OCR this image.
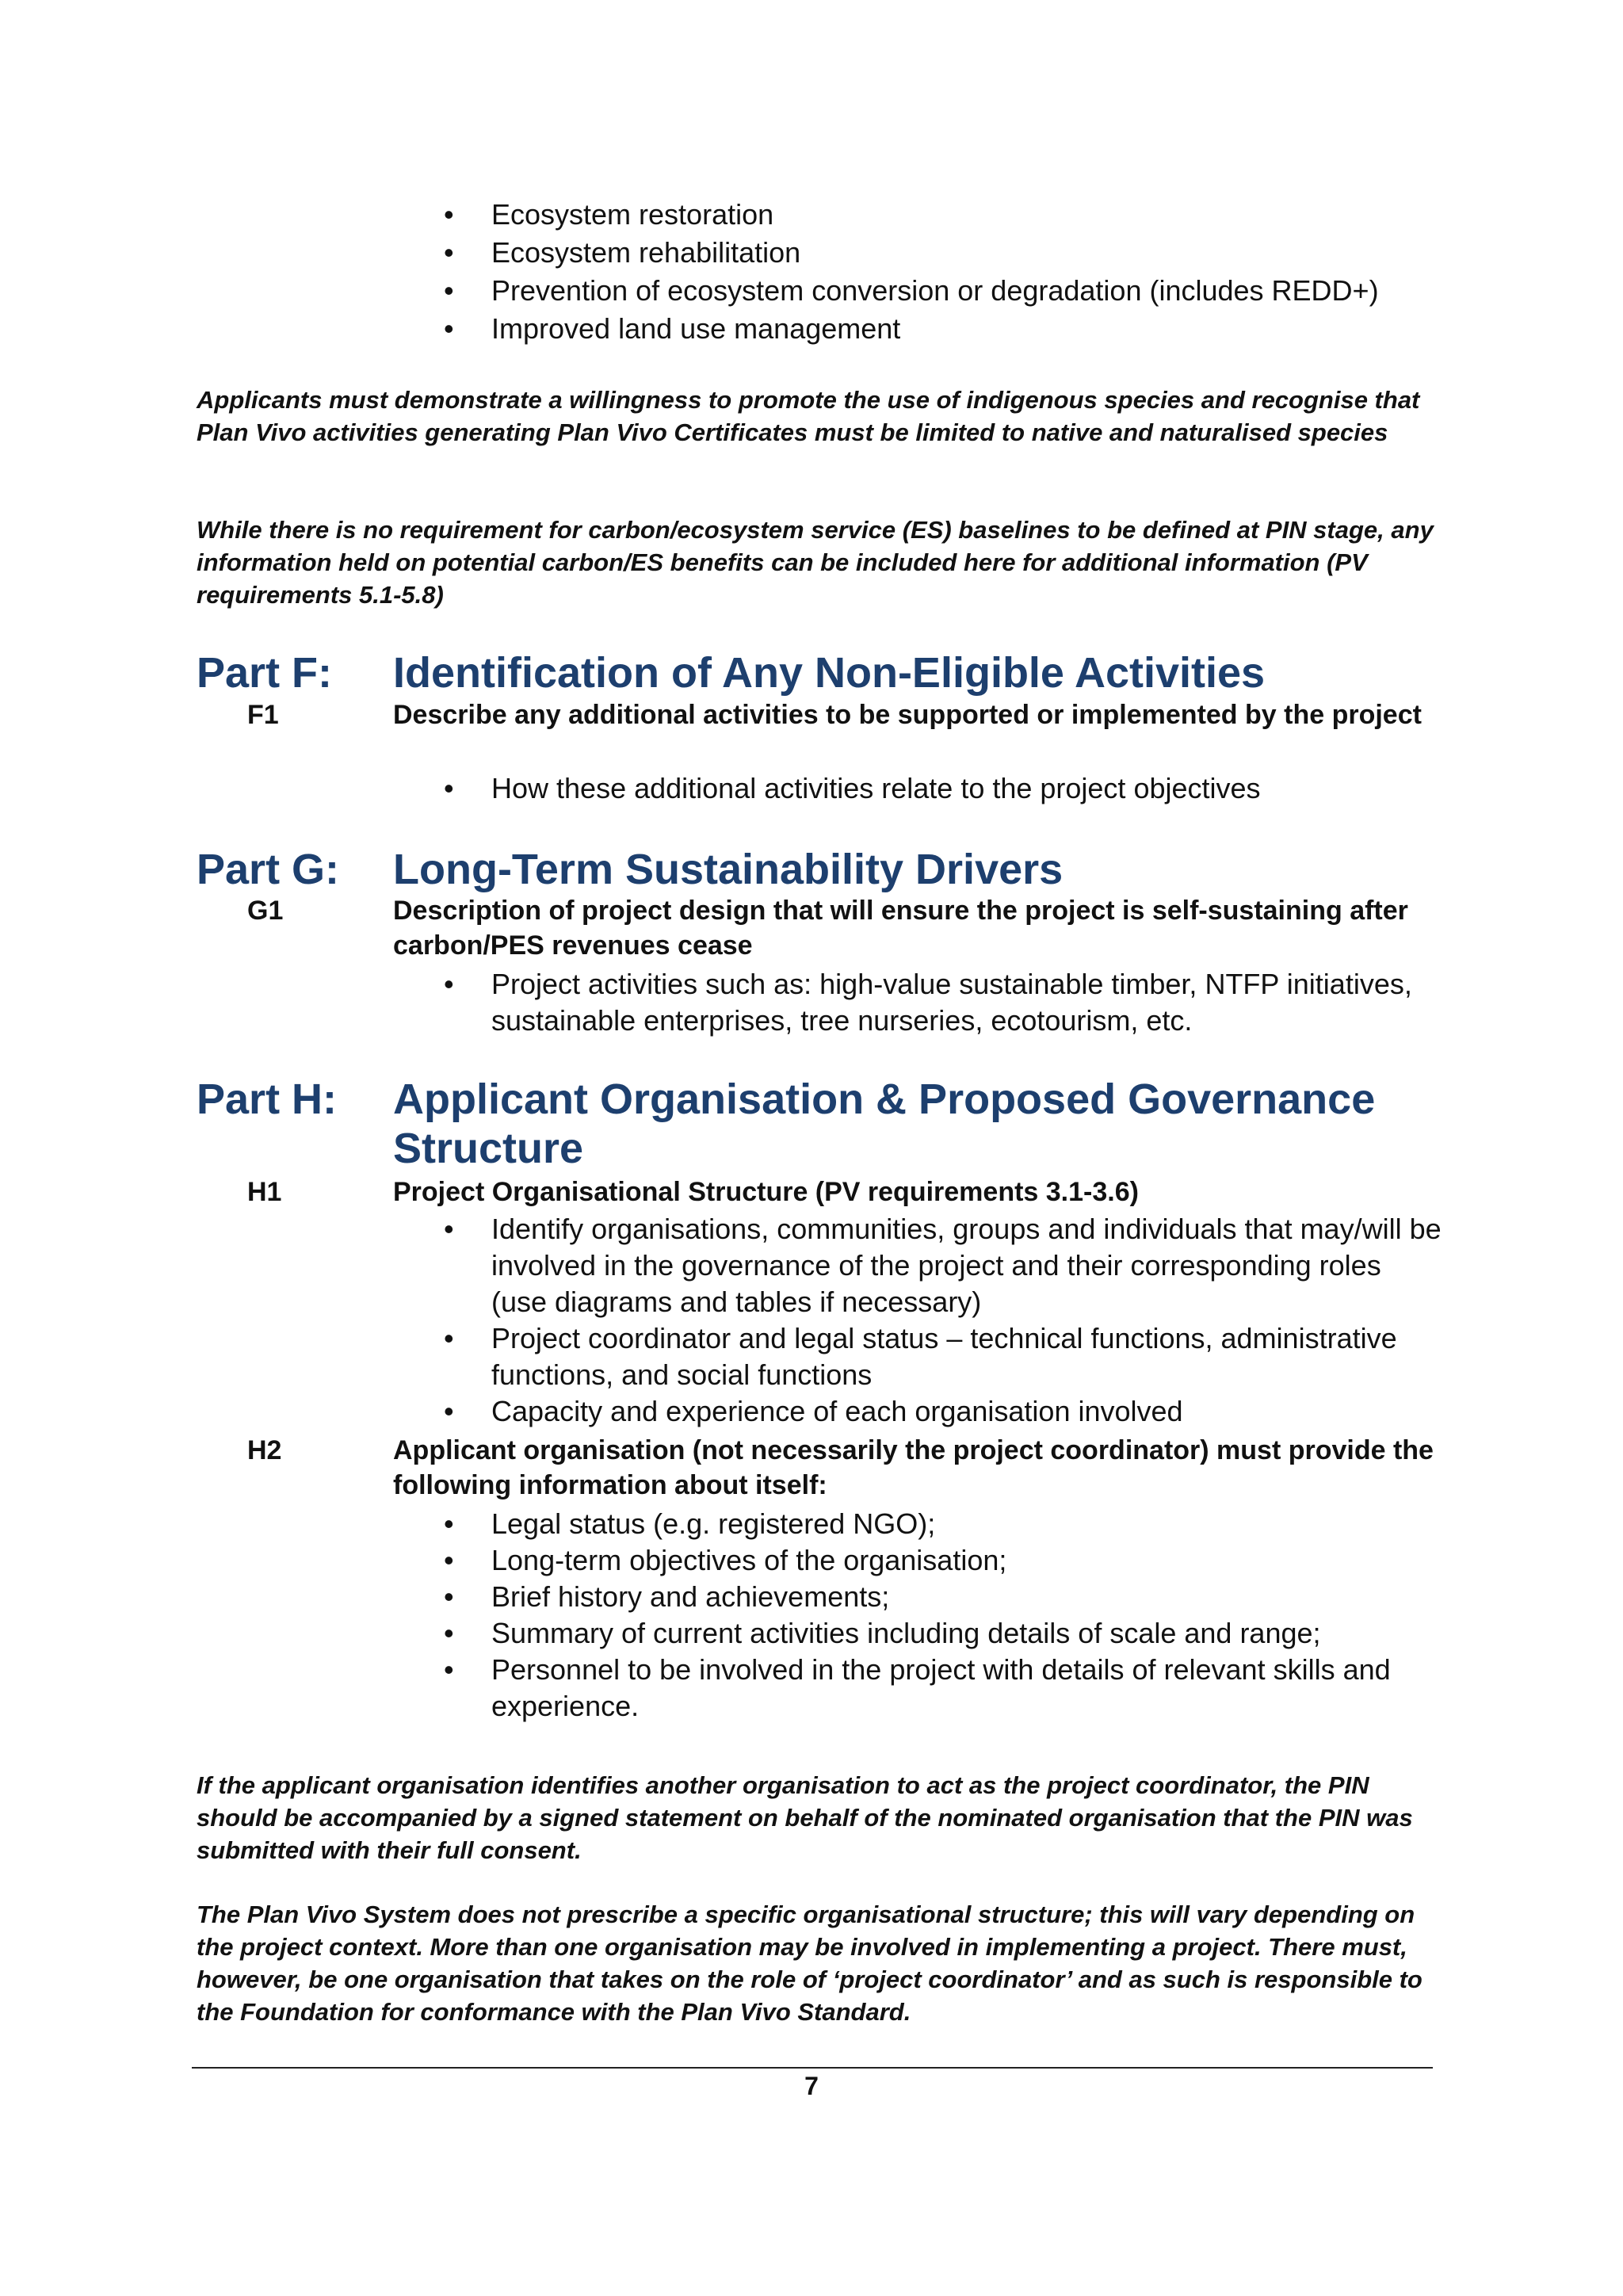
• Ecosystem restoration
• Ecosystem rehabilitation
• Prevention of ecosystem conversion or degradation (includes REDD+)
• Improved land use management

Applicants must demonstrate a willingness to promote the use of indigenous species and recognise that Plan Vivo activities generating Plan Vivo Certificates must be limited to native and naturalised species

While there is no requirement for carbon/ecosystem service (ES) baselines to be defined at PIN stage, any information held on potential carbon/ES benefits can be included here for additional information (PV requirements 5.1-5.8)

Part F: Identification of Any Non-Eligible Activities
F1	Describe any additional activities to be supported or implemented by the project

• How these additional activities relate to the project objectives
Part G: Long-Term Sustainability Drivers
G1	Description of project design that will ensure the project is self-sustaining after carbon/PES revenues cease

• Project activities such as: high-value sustainable timber, NTFP initiatives, sustainable enterprises, tree nurseries, ecotourism, etc.
Part H: Applicant Organisation & Proposed Governance Structure
H1	Project Organisational Structure (PV requirements 3.1-3.6)

• Identify organisations, communities, groups and individuals that may/will be involved in the governance of the project and their corresponding roles (use diagrams and tables if necessary)
• Project coordinator and legal status – technical functions, administrative functions, and social functions
• Capacity and experience of each organisation involved
H2	Applicant organisation (not necessarily the project coordinator) must provide the following information about itself:

• Legal status (e.g. registered NGO);
• Long-term objectives of the organisation;
• Brief history and achievements;
• Summary of current activities including details of scale and range;
• Personnel to be involved in the project with details of relevant skills and experience.

If the applicant organisation identifies another organisation to act as the project coordinator, the PIN should be accompanied by a signed statement on behalf of the nominated organisation that the PIN was submitted with their full consent.

The Plan Vivo System does not prescribe a specific organisational structure; this will vary depending on the project context. More than one organisation may be involved in implementing a project. There must, however, be one organisation that takes on the role of ‘project coordinator’ and as such is responsible to the Foundation for conformance with the Plan Vivo Standard.

7
